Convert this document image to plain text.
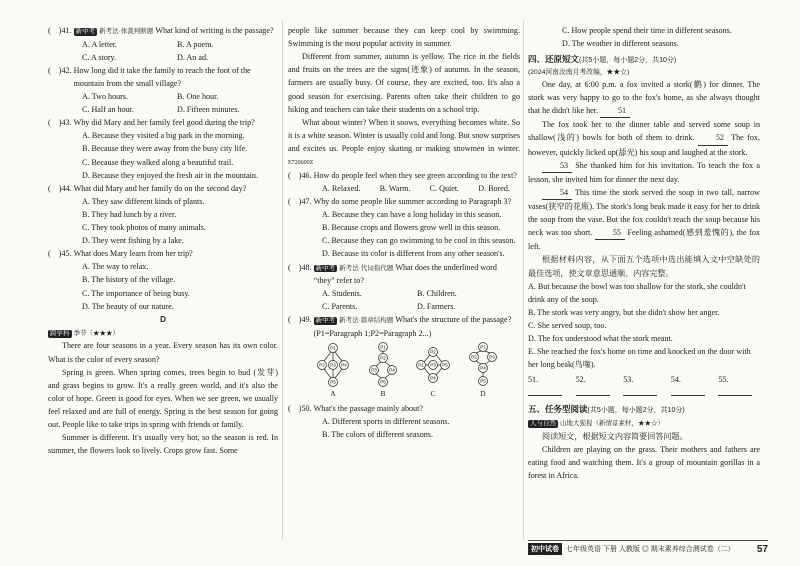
(    )41. 新中考 新考法·体裁判断题 What kind of writing is the passage?
A. A letter.	B. A poem.
C. A story.	D. An ad.
(    )42. How long did it take the family to reach the foot of the mountain from the small village?
A. Two hours.	B. One hour.
C. Half an hour.	D. Fifteen minutes.
(    )43. Why did Mary and her family feel good during the trip?

A. Because they visited a big park in the morning.

B. Because they were away from the busy city life.

C. Because they walked along a beautiful trail.

D. Because they enjoyed the fresh air in the mountain.

(    )44. What did Mary and her family do on the second day?

A. They saw different kinds of plants.

B. They had lunch by a river.

C. They took photos of many animals.

D. They went fishing by a lake.

(    )45. What does Mary learn from her trip?

A. The way to relax.

B. The history of the village.

C. The importance of being busy.

D. The beauty of our nature.

D

跨学科 季节（★★★）

There are four seasons in a year. Every season has its own color. What is the color of every season?

Spring is green. When spring comes, trees begin to bud (发芽) and grass begins to grow. It's a really green world, and it's also the color of hope. Green is good for eyes. When we see green, we usually feel relaxed and are full of energy. Spring is the best season for going out. People like to take trips in spring with friends or family.

Summer is different. It's usually very hot, so the season is red. In summer, the flowers look so lively. Crops grow fast. Some

people like summer because they can keep cool by swimming. Swimming is the most popular activity in summer.

Different from summer, autumn is yellow. The rice in the fields and fruits on the trees are the signs(迹象) of autumn. In the season, farmers are usually busy. Of course, they are excited, too. It's also a good season for exercising. Parents often take their children to go hiking and teachers can take their students on a school trip.

What about winter? When it snows, everything becomes white. So it is a white season. Winter is usually cold and long. But snow surprises and excites us. People enjoy skating or making snowmen in winter. E720600Z

(    )46. How do people feel when they see green according to the text?
A. Relaxed. B. Warm. C. Quiet. D. Bored.
(    )47. Why do some people like summer according to Paragraph 3?

A. Because they can have a long holiday in this season.

B. Because crops and flowers grow well in this season.

C. Because they can go swimming to be cool in this season.

D. Because its color is different from any other season's.

(    )48. 新中考 新考法·代词指代题 What does the underlined word “they” refer to?
A. Students.	B. Children.
C. Parents.	D. Farmers.
(    )49. 新中考 新考法·篇章结构题 What's the structure of the passage? (P1=Paragraph 1;P2=Paragraph 2...)
P1
P2 P3 P4
P5
A
P1
P2
P3	P4
P5
B
P1
P2
P3
P4
P5
C
P1
P2	P3
P4
P5
D
(    )50. What's the passage mainly about?

A. Different sports in different seasons.

B. The colors of different seasons.

C. How people spend their time in different seasons.

D. The weather in different seasons.

四、还原短文(共5小题，每小题2分，共10分)

(2024河南汝南月考改编，★★☆)

One day, at 6:00 p.m. a fox invited a stork(鹳) for dinner. The stork was very happy to go to the fox's home, as she always thought that he didn't like her. 51

The fox took her to the dinner table and served some soup in shallow(浅的) bowls for both of them to drink.	52 The fox, however, quickly licked up(舔光) his soup and laughed at the stork.

53 She thanked him for his invitation. To teach the fox a lesson, she invited him for dinner the next day.

54 This time the stork served the soup in two tall, narrow vases(狭窄的花瓶). The stork's long beak made it easy for her to drink the soup from the vase. But the fox couldn't reach the soup because his neck was too short.	55 Feeling ashamed(感到羞愧的), the fox left.

根据材料内容，从下面五个选项中选出能填入文中空缺处的最佳选项，使文章意思通顺、内容完整。

A. But because the bowl was too shallow for the stork, she couldn't drink any of the soup.

B. The stork was very angry, but she didn't show her anger.

C. She served soup, too.

D. The fox understood what the stork meant.

E. She reached the fox's home on time and knocked on the door with her long beak(鸟喙).

51.	52.	53.	54.	55.

五、任务型阅读(共5小题，每小题2分，共10分)

人与自然 山地大猩猩（新情景素材，★★☆）

阅读短文，根据短文内容简要回答问题。

Children are playing on the grass. Their mothers and fathers are eating food and watching them. It's a group of mountain gorillas in a forest in Africa.

初中试卷	七年级英语 下册 人教版 ◎ 期末素养综合测试卷（二） 57
